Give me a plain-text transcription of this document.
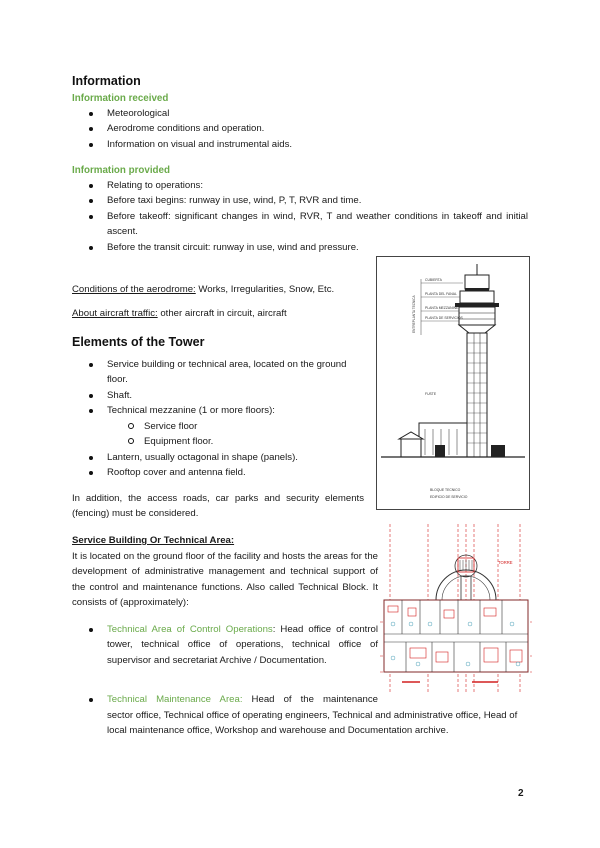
Information
Information received
Meteorological
Aerodrome conditions and operation.
Information on visual and instrumental aids.
Information provided
Relating to operations:
Before taxi begins: runway in use, wind, P, T, RVR and time.
Before takeoff: significant changes in wind, RVR, T and weather conditions in takeoff and initial ascent.
Before the transit circuit: runway in use, wind and pressure.
Conditions of the aerodrome: Works, Irregularities, Snow, Etc.
About aircraft traffic: other aircraft in circuit, aircraft
Elements of the Tower
Service building or technical area, located on the ground floor.
Shaft.
Technical mezzanine (1 or more floors):
Service floor
Equipment floor.
Lantern, usually octagonal in shape (panels).
Rooftop cover and antenna field.
In addition, the access roads, car parks and security elements (fencing) must be considered.
Service Building Or Technical Area:
It is located on the ground floor of the facility and hosts the areas for the development of administrative management and technical support of the control and maintenance functions. Also called Technical Block. It consists of (approximately):
Technical Area of Control Operations: Head office of control tower, technical office of operations, technical office of supervisor and secretariat Archive / Documentation.
Technical Maintenance Area: Head of the maintenance
sector office, Technical office of operating engineers, Technical and administrative office, Head of local maintenance office, Workshop and warehouse and Documentation archive.
CUBIERTA
PLANTA DEL FANAL
PLANTA MEZZANINE
PLANTA DE SERVICIOS
FUSTE
BLOQUE TECNICO
EDIFICIO DE SERVICIO
ENTREPLANTA TECNICA
TORRE
2
